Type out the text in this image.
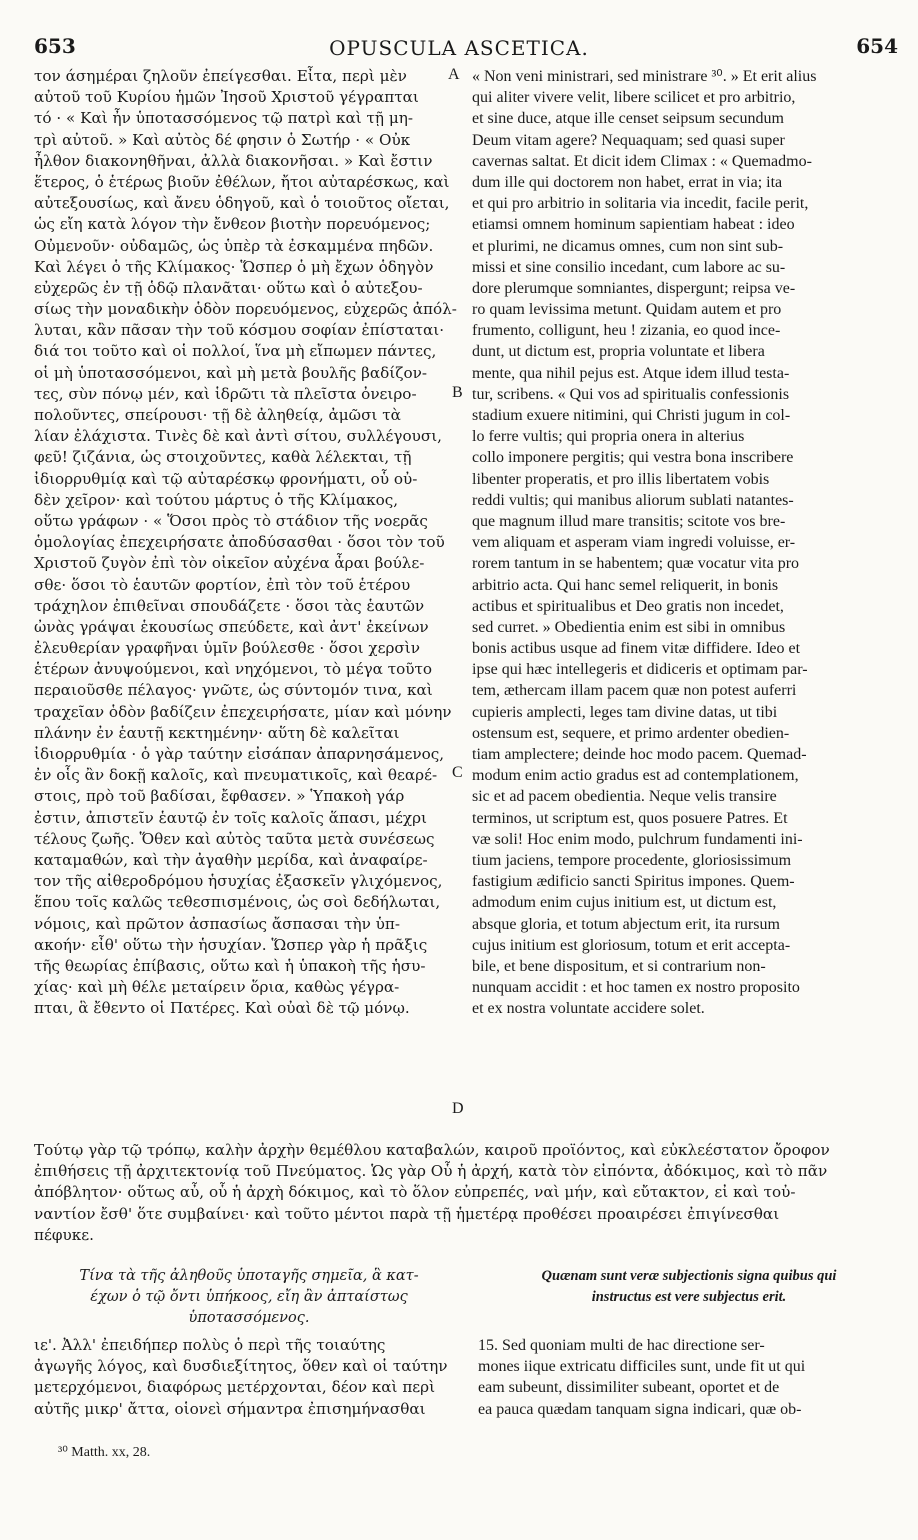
653	OPUSCULA ASCETICA.	654
τον άσημέραι ζηλοῦν ἐπείγεσθαι. Εἶτα, περὶ μὲν
αὐτοῦ τοῦ Κυρίου ἡμῶν Ἰησοῦ Χριστοῦ γέγραπται
τό · « Καὶ ἦν ὑποτασσόμενος τῷ πατρὶ καὶ τῇ μη-
τρὶ αὐτοῦ. » Καὶ αὐτὸς δέ φησιν ὁ Σωτήρ · « Οὐκ
ἦλθον διακονηθῆναι, ἀλλὰ διακονῆσαι. » Καὶ ἔστιν
ἕτερος, ὁ ἑτέρως βιοῦν ἐθέλων, ἤτοι αὐταρέσκως, καὶ
αὐτεξουσίως, καὶ ἄνευ ὁδηγοῦ, καὶ ὁ τοιοῦτος οἴεται,
ὡς εἴη κατὰ λόγον τὴν ἔνθεον βιοτὴν πορευόμενος;
Οὐμενοῦν· οὐδαμῶς, ὡς ὑπὲρ τὰ ἐσκαμμένα πηδῶν.
Καὶ λέγει ὁ τῆς Κλίμακος· Ὥσπερ ὁ μὴ ἔχων ὁδηγὸν
εὐχερῶς ἐν τῇ ὁδῷ πλανᾶται· οὕτω καὶ ὁ αὐτεξου-
σίως τὴν μοναδικὴν ὁδὸν πορευόμενος, εὐχερῶς ἀπόλ-
λυται, κἂν πᾶσαν τὴν τοῦ κόσμου σοφίαν ἐπίσταται·
διά τοι τοῦτο καὶ οἱ πολλοί, ἵνα μὴ εἴπωμεν πάντες,
οἱ μὴ ὑποτασσόμενοι, καὶ μὴ μετὰ βουλῆς βαδίζον-
τες, σὺν πόνῳ μέν, καὶ ἱδρῶτι τὰ πλεῖστα ὀνειρο-
πολοῦντες, σπείρουσι· τῇ δὲ ἀληθείᾳ, ἀμῶσι τὰ
λίαν ἐλάχιστα. Τινὲς δὲ καὶ ἀντὶ σίτου, συλλέγουσι,
φεῦ! ζιζάνια, ὡς στοιχοῦντες, καθὰ λέλεκται, τῇ
ἰδιορρυθμίᾳ καὶ τῷ αὐταρέσκῳ φρονήματι, οὗ οὐ-
δὲν χεῖρον· καὶ τούτου μάρτυς ὁ τῆς Κλίμακος,
οὕτω γράφων · « Ὅσοι πρὸς τὸ στάδιον τῆς νοερᾶς
ὁμολογίας ἐπεχειρήσατε ἀποδύσασθαι · ὅσοι τὸν τοῦ
Χριστοῦ ζυγὸν ἐπὶ τὸν οἰκεῖον αὐχένα ἆραι βούλε-
σθε· ὅσοι τὸ ἑαυτῶν φορτίον, ἐπὶ τὸν τοῦ ἑτέρου
τράχηλον ἐπιθεῖναι σπουδάζετε · ὅσοι τὰς ἑαυτῶν
ὠνὰς γράψαι ἑκουσίως σπεύδετε, καὶ ἀντ' ἐκείνων
ἐλευθερίαν γραφῆναι ὑμῖν βούλεσθε · ὅσοι χερσὶν
ἑτέρων ἀνυψούμενοι, καὶ νηχόμενοι, τὸ μέγα τοῦτο
περαιοῦσθε πέλαγος· γνῶτε, ὡς σύντομόν τινα, καὶ
τραχεῖαν ὁδὸν βαδίζειν ἐπεχειρήσατε, μίαν καὶ μόνην
πλάνην ἐν ἑαυτῇ κεκτημένην· αὕτη δὲ καλεῖται
ἰδιορρυθμία · ὁ γὰρ ταύτην εἰσάπαν ἀπαρνησάμενος,
ἐν οἷς ἂν δοκῇ καλοῖς, καὶ πνευματικοῖς, καὶ θεαρέ-
στοις, πρὸ τοῦ βαδίσαι, ἔφθασεν. » Ὑπακοὴ γάρ
ἐστιν, ἀπιστεῖν ἑαυτῷ ἐν τοῖς καλοῖς ἅπασι, μέχρι
τέλους ζωῆς. Ὅθεν καὶ αὐτὸς ταῦτα μετὰ συνέσεως
καταμαθών, καὶ τὴν ἀγαθὴν μερίδα, καὶ ἀναφαίρε-
τον τῆς αἰθεροδρόμου ἡσυχίας ἐξασκεῖν γλιχόμενος,
ἕπου τοῖς καλῶς τεθεσπισμένοις, ὡς σοὶ δεδήλωται,
νόμοις, καὶ πρῶτον ἀσπασίως ἄσπασαι τὴν ὑπ-
ακοήν· εἶθ' οὕτω τὴν ἡσυχίαν. Ὥσπερ γὰρ ἡ πρᾶξις
τῆς θεωρίας ἐπίβασις, οὕτω καὶ ἡ ὑπακοὴ τῆς ἡσυ-
χίας· καὶ μὴ θέλε μεταίρειν ὅρια, καθὼς γέγρα-
πται, ἃ ἔθεντο οἱ Πατέρες. Καὶ οὐαὶ δὲ τῷ μόνῳ.
« Non veni ministrari, sed ministrare ³⁰. » Et erit alius
qui aliter vivere velit, libere scilicet et pro arbitrio,
et sine duce, atque ille censet seipsum secundum
Deum vitam agere? Nequaquam; sed quasi super
cavernas saltat. Et dicit idem Climax : « Quemadmo-
dum ille qui doctorem non habet, errat in via; ita
et qui pro arbitrio in solitaria via incedit, facile perit,
etiamsi omnem hominum sapientiam habeat : ideo
et plurimi, ne dicamus omnes, cum non sint sub-
missi et sine consilio incedant, cum labore ac su-
dore plerumque somniantes, dispergunt; reipsa ve-
ro quam levissima metunt. Quidam autem et pro
frumento, colligunt, heu ! zizania, eo quod ince-
dunt, ut dictum est, propria voluntate et libera
mente, qua nihil pejus est. Atque idem illud testa-
tur, scribens. « Qui vos ad spiritualis confessionis
stadium exuere nitimini, qui Christi jugum in col-
lo ferre vultis; qui propria onera in alterius
collo imponere pergitis; qui vestra bona inscribere
libenter properatis, et pro illis libertatem vobis
reddi vultis; qui manibus aliorum sublati natantes-
que magnum illud mare transitis; scitote vos bre-
vem aliquam et asperam viam ingredi voluisse, er-
rorem tantum in se habentem; quæ vocatur vita pro
arbitrio acta. Qui hanc semel reliquerit, in bonis
actibus et spiritualibus et Deo gratis non incedet,
sed curret. » Obedientia enim est sibi in omnibus
bonis actibus usque ad finem vitæ diffidere. Ideo et
ipse qui hæc intellegeris et didiceris et optimam par-
tem, æthercam illam pacem quæ non potest auferri
cupieris amplecti, leges tam divine datas, ut tibi
ostensum est, sequere, et primo ardenter obedien-
tiam amplectere; deinde hoc modo pacem. Quemad-
modum enim actio gradus est ad contemplationem,
sic et ad pacem obedientia. Neque velis transire
terminos, ut scriptum est, quos posuere Patres. Et
væ soli! Hoc enim modo, pulchrum fundamenti ini-
tium jaciens, tempore procedente, gloriosissimum
fastigium ædificio sancti Spiritus impones. Quem-
admodum enim cujus initium est, ut dictum est,
absque gloria, et totum abjectum erit, ita rursum
cujus initium est gloriosum, totum et erit accepta-
bile, et bene dispositum, et si contrarium non-
nunquam accidit : et hoc tamen ex nostro proposito
et ex nostra voluntate accidere solet.
A
B
C
D
Τούτῳ γὰρ τῷ τρόπῳ, καλὴν ἀρχὴν θεμέθλου καταβαλών, καιροῦ προϊόντος, καὶ εὐκλεέστατον ὄροφον
ἐπιθήσεις τῇ ἀρχιτεκτονίᾳ τοῦ Πνεύματος. Ὡς γὰρ Οὗ ἡ ἀρχή, κατὰ τὸν εἰπόντα, ἀδόκιμος, καὶ τὸ πᾶν
ἀπόβλητον· οὕτως αὖ, οὗ ἡ ἀρχὴ δόκιμος, καὶ τὸ ὅλον εὐπρεπές, ναὶ μήν, καὶ εὔτακτον, εἰ καὶ τοὐ-
ναντίον ἔσθ' ὅτε συμβαίνει· καὶ τοῦτο μέντοι παρὰ τῇ ἡμετέρᾳ προθέσει προαιρέσει ἐπιγίνεσθαι
πέφυκε.
Τίνα τὰ τῆς ἀληθοῦς ὑποταγῆς σημεῖα, ἃ κατ-
έχων ὁ τῷ ὄντι ὑπήκοος, εἴη ἂν ἀπταίστως
ὑποτασσόμενος.
Quænam sunt veræ subjectionis signa quibus qui
instructus est vere subjectus erit.
ιε'. Ἀλλ' ἐπειδήπερ πολὺς ὁ περὶ τῆς τοιαύτης
ἀγωγῆς λόγος, καὶ δυσδιεξίτητος, ὅθεν καὶ οἱ ταύτην
μετερχόμενοι, διαφόρως μετέρχονται, δέον καὶ περὶ
αὐτῆς μικρ' ἄττα, οἱονεὶ σήμαντρα ἐπισημήνασθαι
15. Sed quoniam multi de hac directione ser-
mones iique extricatu difficiles sunt, unde fit ut qui
eam subeunt, dissimiliter subeant, oportet et de
ea pauca quædam tanquam signa indicari, quæ ob-
³⁰ Matth. xx, 28.
